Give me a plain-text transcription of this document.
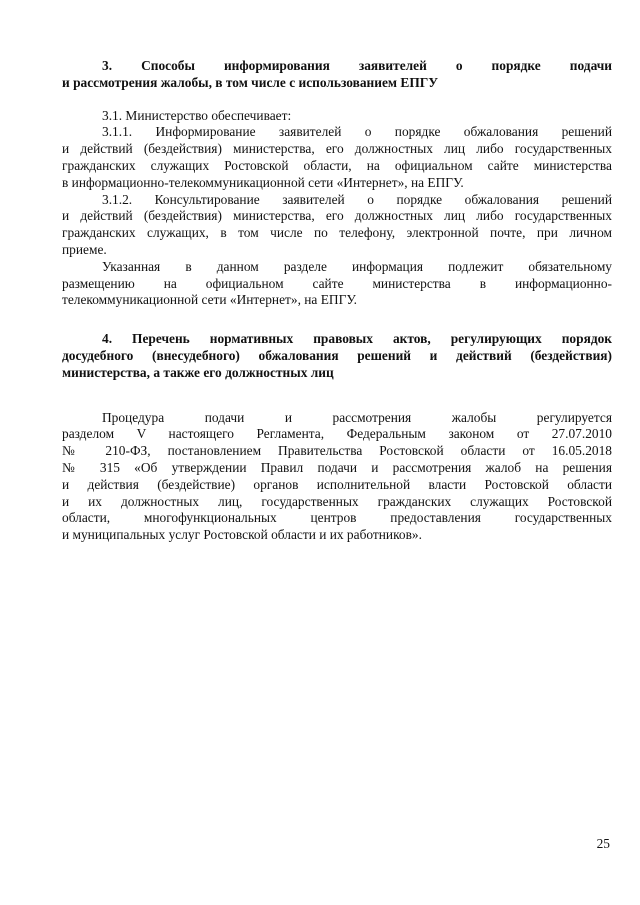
3. Способы информирования заявителей о порядке подачи
и рассмотрения жалобы, в том числе с использованием ЕПГУ
3.1. Министерство обеспечивает:
3.1.1. Информирование заявителей о порядке обжалования решений
и действий (бездействия) министерства, его должностных лиц либо государственных
гражданских служащих Ростовской области, на официальном сайте министерства
в информационно-телекоммуникационной сети «Интернет», на ЕПГУ.
3.1.2. Консультирование заявителей о порядке обжалования решений
и действий (бездействия) министерства, его должностных лиц либо государственных
гражданских служащих, в том числе по телефону, электронной почте, при личном
приеме.
Указанная в данном разделе информация подлежит обязательному
размещению на официальном сайте министерства в информационно-
телекоммуникационной сети «Интернет», на ЕПГУ.
4. Перечень нормативных правовых актов, регулирующих порядок
досудебного (внесудебного) обжалования решений и действий (бездействия)
министерства, а также его должностных лиц
Процедура подачи и рассмотрения жалобы регулируется
разделом V настоящего Регламента, Федеральным законом от 27.07.2010
№ 210-ФЗ, постановлением Правительства Ростовской области от 16.05.2018
№ 315 «Об утверждении Правил подачи и рассмотрения жалоб на решения
и действия (бездействие) органов исполнительной власти Ростовской области
и их должностных лиц, государственных гражданских служащих Ростовской
области, многофункциональных центров предоставления государственных
и муниципальных услуг Ростовской области и их работников».
25
